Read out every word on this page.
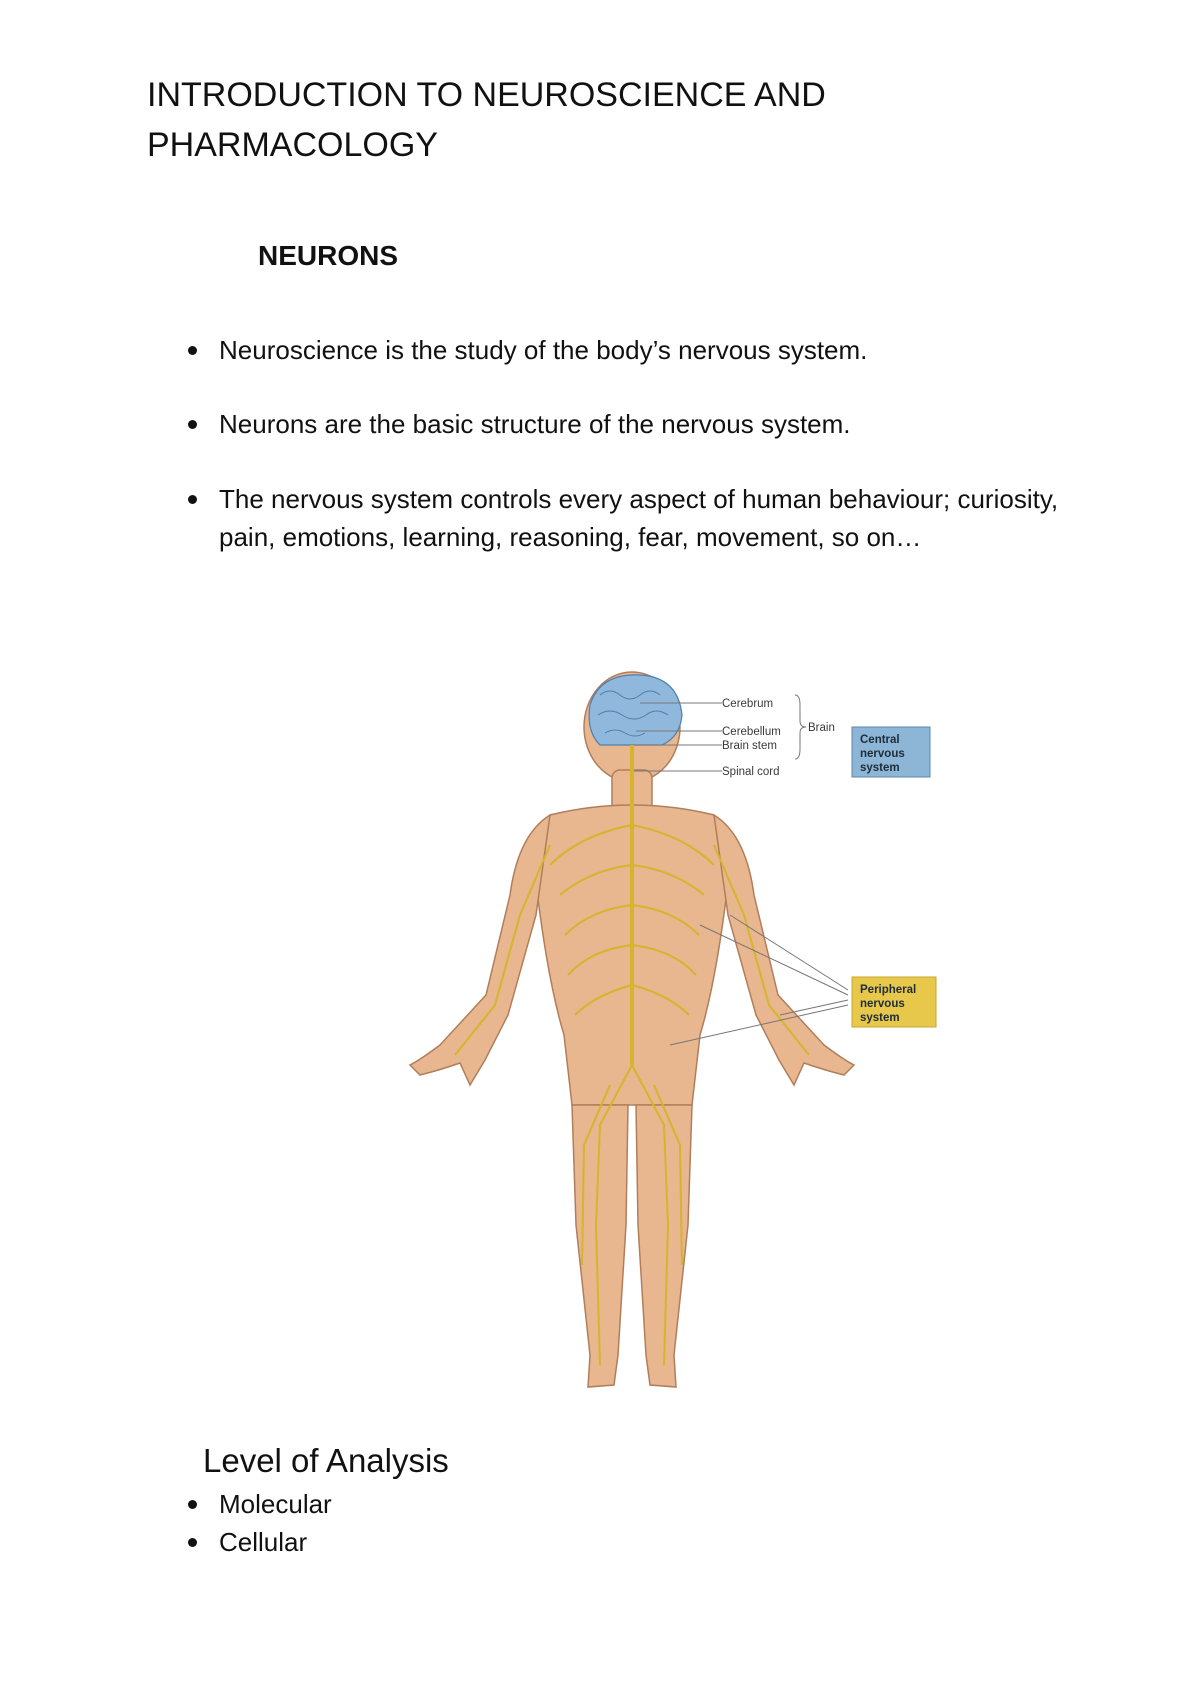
INTRODUCTION TO NEUROSCIENCE AND PHARMACOLOGY
NEURONS
Neuroscience is the study of the body’s nervous system.
Neurons are the basic structure of the nervous system.
The nervous system controls every aspect of human behaviour; curiosity, pain, emotions, learning, reasoning, fear, movement, so on…
Cerebrum
Cerebellum
Brain stem
Spinal cord
Brain
Central
nervous
system
Peripheral
nervous
system
Level of Analysis
Molecular
Cellular
